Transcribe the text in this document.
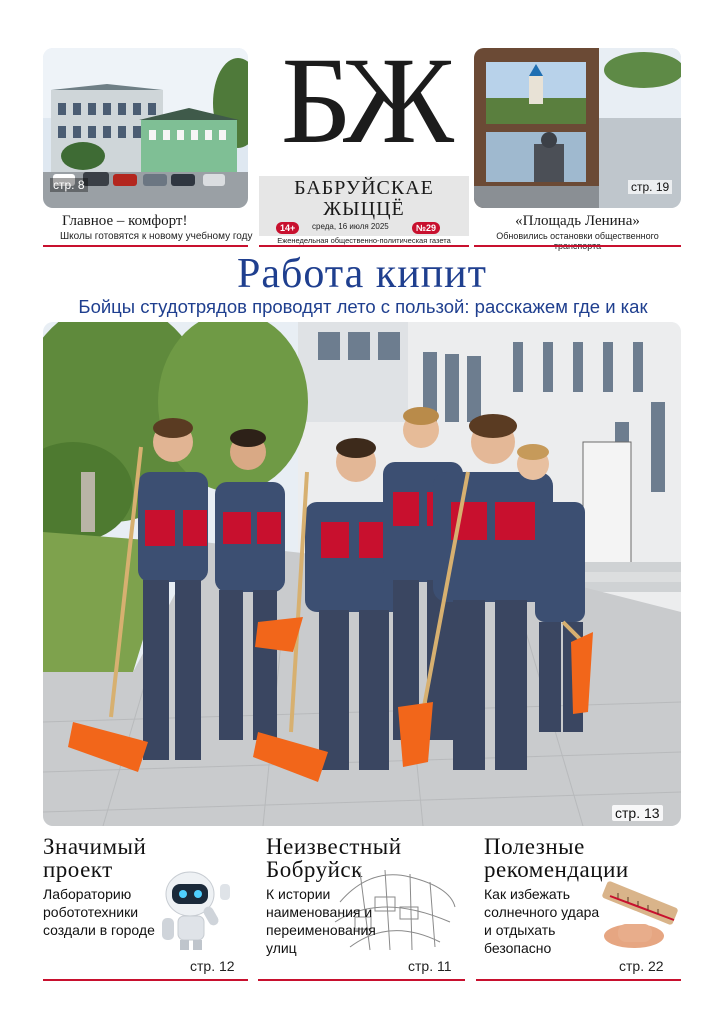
стр. 8
Главное – комфорт!
Школы готовятся к новому учебному году
БЖ
БАБРУЙСКАЕ
ЖЫЦЦЁ
14+	среда, 16 июля 2025	№29
Еженедельная общественно-политическая газета
стр. 19
«Площадь Ленина»
Обновились остановки общественного
Работа кипит
Бойцы студотрядов проводят лето с пользой: расскажем где и как
стр. 13
Значимый проект
Лабораторию робототехники создали в городе
стр. 12
Неизвестный Бобруйск
К истории наименования и переименования улиц
стр. 11
Полезные рекомендации
Как избежать солнечного удара и отдыхать безопасно
стр. 22
